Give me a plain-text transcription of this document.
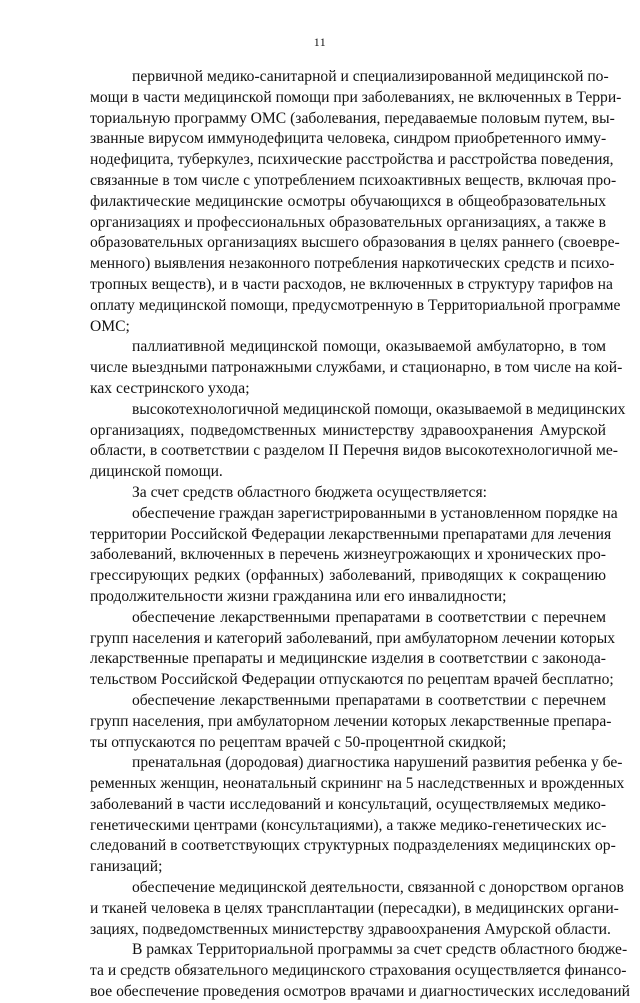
11
первичной медико-санитарной и специализированной медицинской по-
мощи в части медицинской помощи при заболеваниях, не включенных в Терри-
ториальную программу ОМС (заболевания, передаваемые половым путем, вы-
званные вирусом иммунодефицита человека, синдром приобретенного имму-
нодефицита, туберкулез, психические расстройства и расстройства поведения,
связанные в том числе с употреблением психоактивных веществ, включая про-
филактические медицинские осмотры обучающихся в общеобразовательных
организациях и профессиональных образовательных организациях, а также в
образовательных организациях высшего образования в целях раннего (своевре-
менного) выявления незаконного потребления наркотических средств и психо-
тропных веществ), и в части расходов, не включенных в структуру тарифов на
оплату медицинской помощи, предусмотренную в Территориальной программе
ОМС;
паллиативной медицинской помощи, оказываемой амбулаторно, в том
числе выездными патронажными службами, и стационарно, в том числе на кой-
ках сестринского ухода;
высокотехнологичной медицинской помощи, оказываемой в медицинских
организациях, подведомственных министерству здравоохранения Амурской
области, в соответствии с разделом II Перечня видов высокотехнологичной ме-
дицинской помощи.
За счет средств областного бюджета осуществляется:
обеспечение граждан зарегистрированными в установленном порядке на
территории Российской Федерации лекарственными препаратами для лечения
заболеваний, включенных в перечень жизнеугрожающих и хронических про-
грессирующих редких (орфанных) заболеваний, приводящих к сокращению
продолжительности жизни гражданина или его инвалидности;
обеспечение лекарственными препаратами в соответствии с перечнем
групп населения и категорий заболеваний, при амбулаторном лечении которых
лекарственные препараты и медицинские изделия в соответствии с законода-
тельством Российской Федерации отпускаются по рецептам врачей бесплатно;
обеспечение лекарственными препаратами в соответствии с перечнем
групп населения, при амбулаторном лечении которых лекарственные препара-
ты отпускаются по рецептам врачей с 50-процентной скидкой;
пренатальная (дородовая) диагностика нарушений развития ребенка у бе-
ременных женщин, неонатальный скрининг на 5 наследственных и врожденных
заболеваний в части исследований и консультаций, осуществляемых медико-
генетическими центрами (консультациями), а также медико-генетических ис-
следований в соответствующих структурных подразделениях медицинских ор-
ганизаций;
обеспечение медицинской деятельности, связанной с донорством органов
и тканей человека в целях трансплантации (пересадки), в медицинских органи-
зациях, подведомственных министерству здравоохранения Амурской области.
В рамках Территориальной программы за счет средств областного бюдже-
та и средств обязательного медицинского страхования осуществляется финансо-
вое обеспечение проведения осмотров врачами и диагностических исследований
